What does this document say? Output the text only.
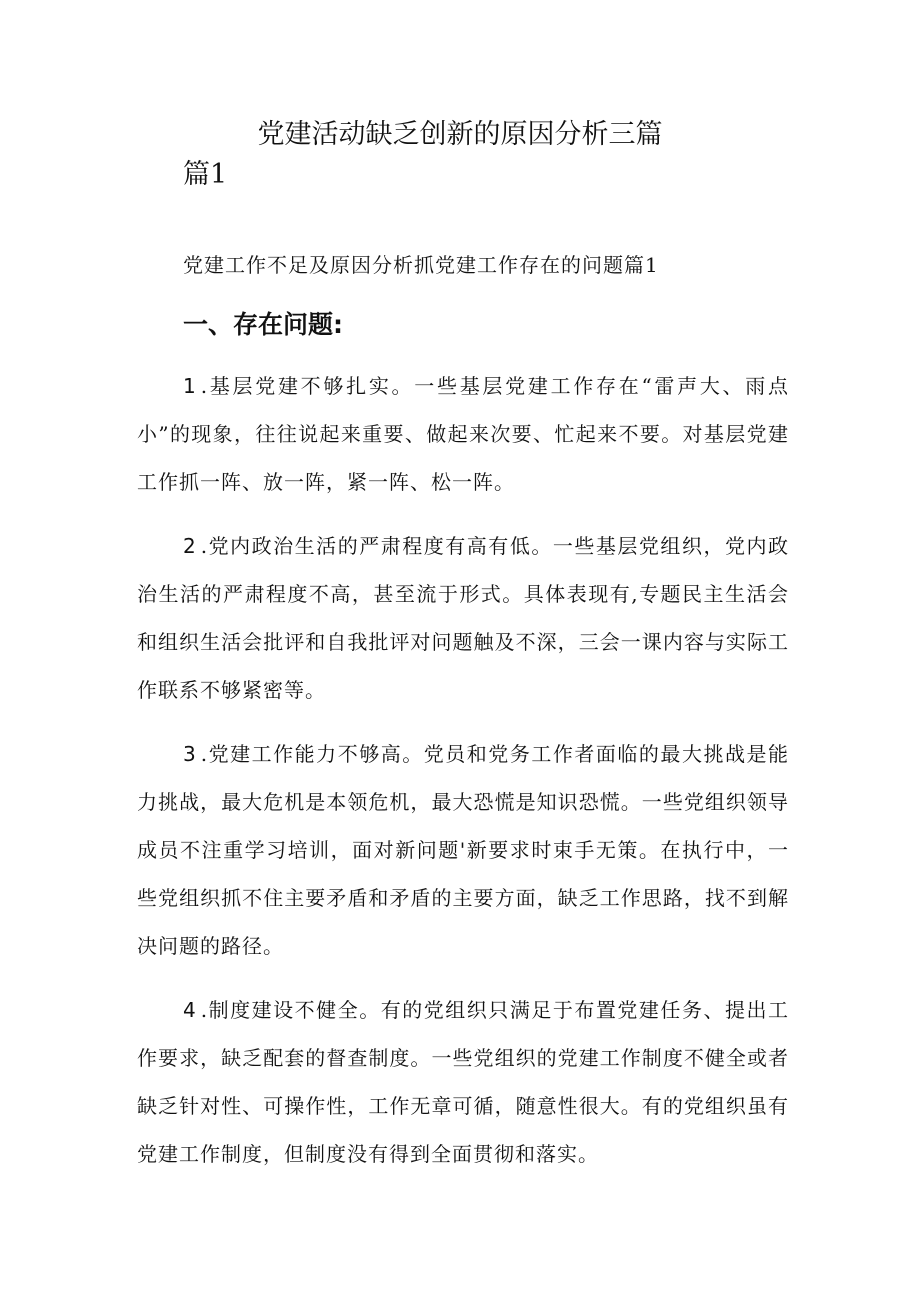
党建活动缺乏创新的原因分析三篇
篇1
党建工作不足及原因分析抓党建工作存在的问题篇1
一、存在问题:

1 .基层党建不够扎实。一些基层党建工作存在“雷声大、雨点小”的现象，往往说起来重要、做起来次要、忙起来不要。对基层党建工作抓一阵、放一阵，紧一阵、松一阵。

2 .党内政治生活的严肃程度有高有低。一些基层党组织，党内政治生活的严肃程度不高，甚至流于形式。具体表现有,专题民主生活会和组织生活会批评和自我批评对问题触及不深，三会一课内容与实际工作联系不够紧密等。

3 .党建工作能力不够高。党员和党务工作者面临的最大挑战是能力挑战，最大危机是本领危机，最大恐慌是知识恐慌。一些党组织领导成员不注重学习培训，面对新问题'新要求时束手无策。在执行中，一些党组织抓不住主要矛盾和矛盾的主要方面，缺乏工作思路，找不到解决问题的路径。

4 .制度建设不健全。有的党组织只满足于布置党建任务、提出工作要求，缺乏配套的督查制度。一些党组织的党建工作制度不健全或者缺乏针对性、可操作性，工作无章可循，随意性很大。有的党组织虽有党建工作制度，但制度没有得到全面贯彻和落实。
